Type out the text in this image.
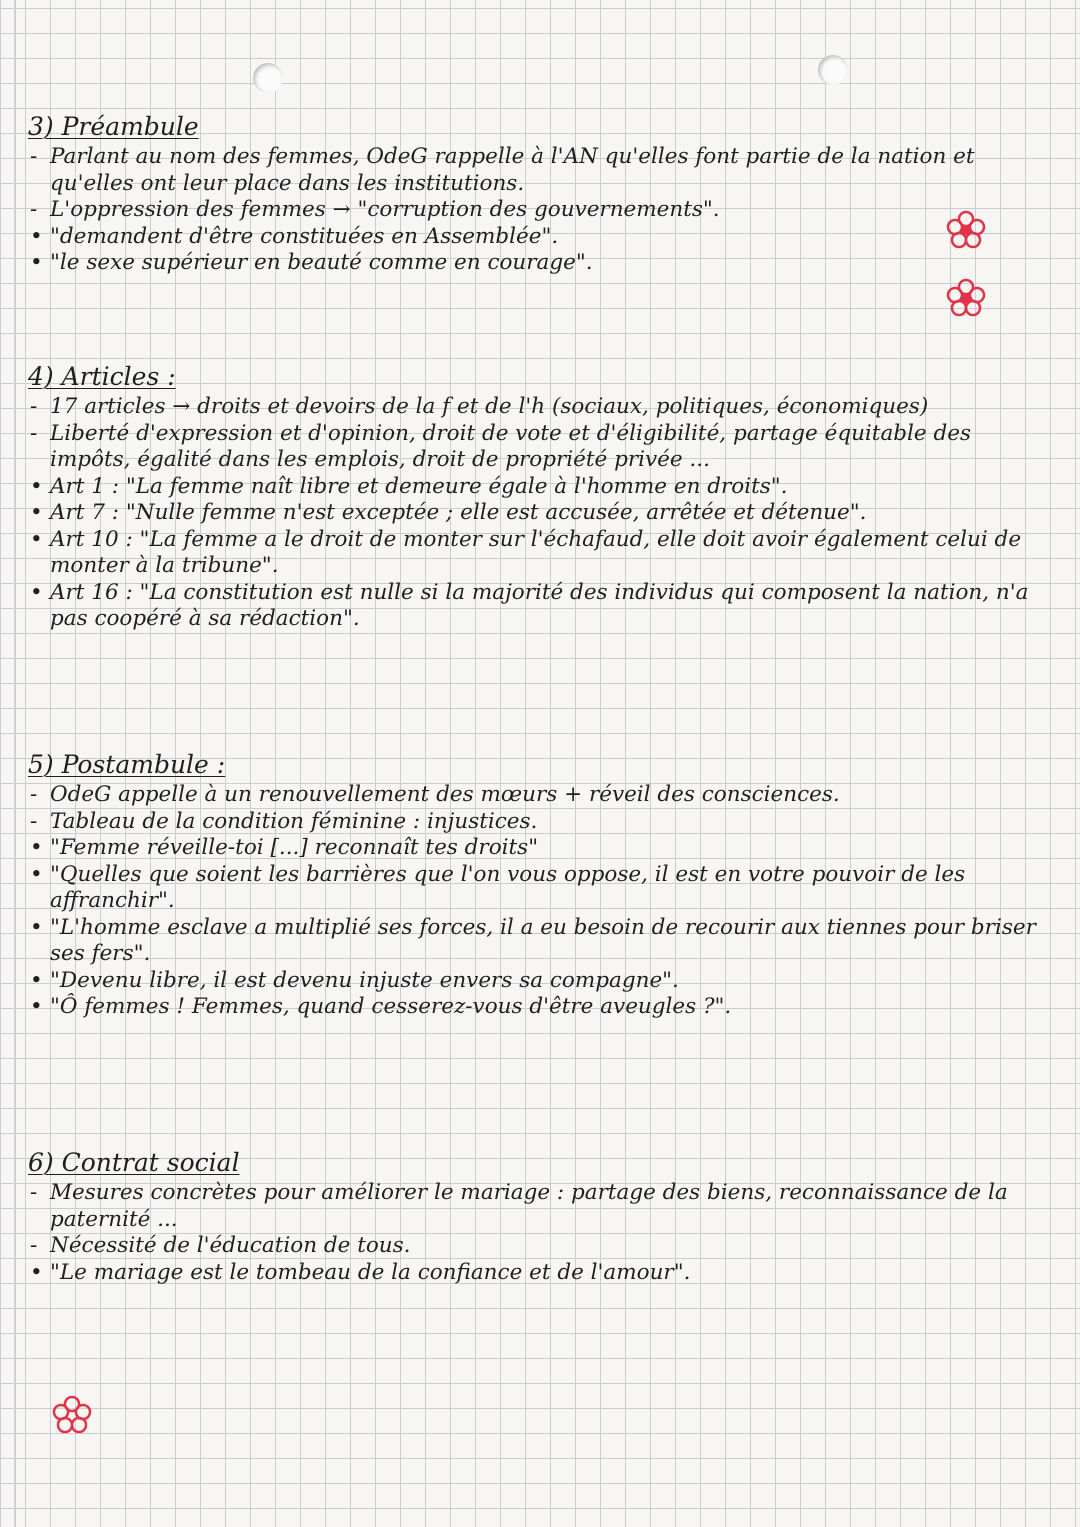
3) Préambule
- Parlant au nom des femmes, OdeG rappelle à l'AN qu'elles font partie de la nation et qu'elles ont leur place dans les institutions.
- L'oppression des femmes → "corruption des gouvernements".
• "demandent d'être constituées en Assemblée".
• "le sexe supérieur en beauté comme en courage".
4) Articles :
- 17 articles → droits et devoirs de la f et de l'h (sociaux, politiques, économiques)
- Liberté d'expression et d'opinion, droit de vote et d'éligibilité, partage équitable des impôts, égalité dans les emplois, droit de propriété privée ...
• Art 1 : "La femme naît libre et demeure égale à l'homme en droits".
• Art 7 : "Nulle femme n'est exceptée ; elle est accusée, arrêtée et détenue".
• Art 10 : "La femme a le droit de monter sur l'échafaud, elle doit avoir également celui de monter à la tribune".
• Art 16 : "La constitution est nulle si la majorité des individus qui composent la nation, n'a pas coopéré à sa rédaction".
5) Postambule :
- OdeG appelle à un renouvellement des mœurs + réveil des consciences.
- Tableau de la condition féminine : injustices.
• "Femme réveille-toi [...] reconnaît tes droits"
• "Quelles que soient les barrières que l'on vous oppose, il est en votre pouvoir de les affranchir".
• "L'homme esclave a multiplié ses forces, il a eu besoin de recourir aux tiennes pour briser ses fers".
• "Devenu libre, il est devenu injuste envers sa compagne".
• "Ô femmes ! Femmes, quand cesserez-vous d'être aveugles ?".
6) Contrat social
- Mesures concrètes pour améliorer le mariage : partage des biens, reconnaissance de la paternité ...
- Nécessité de l'éducation de tous.
• "Le mariage est le tombeau de la confiance et de l'amour".
